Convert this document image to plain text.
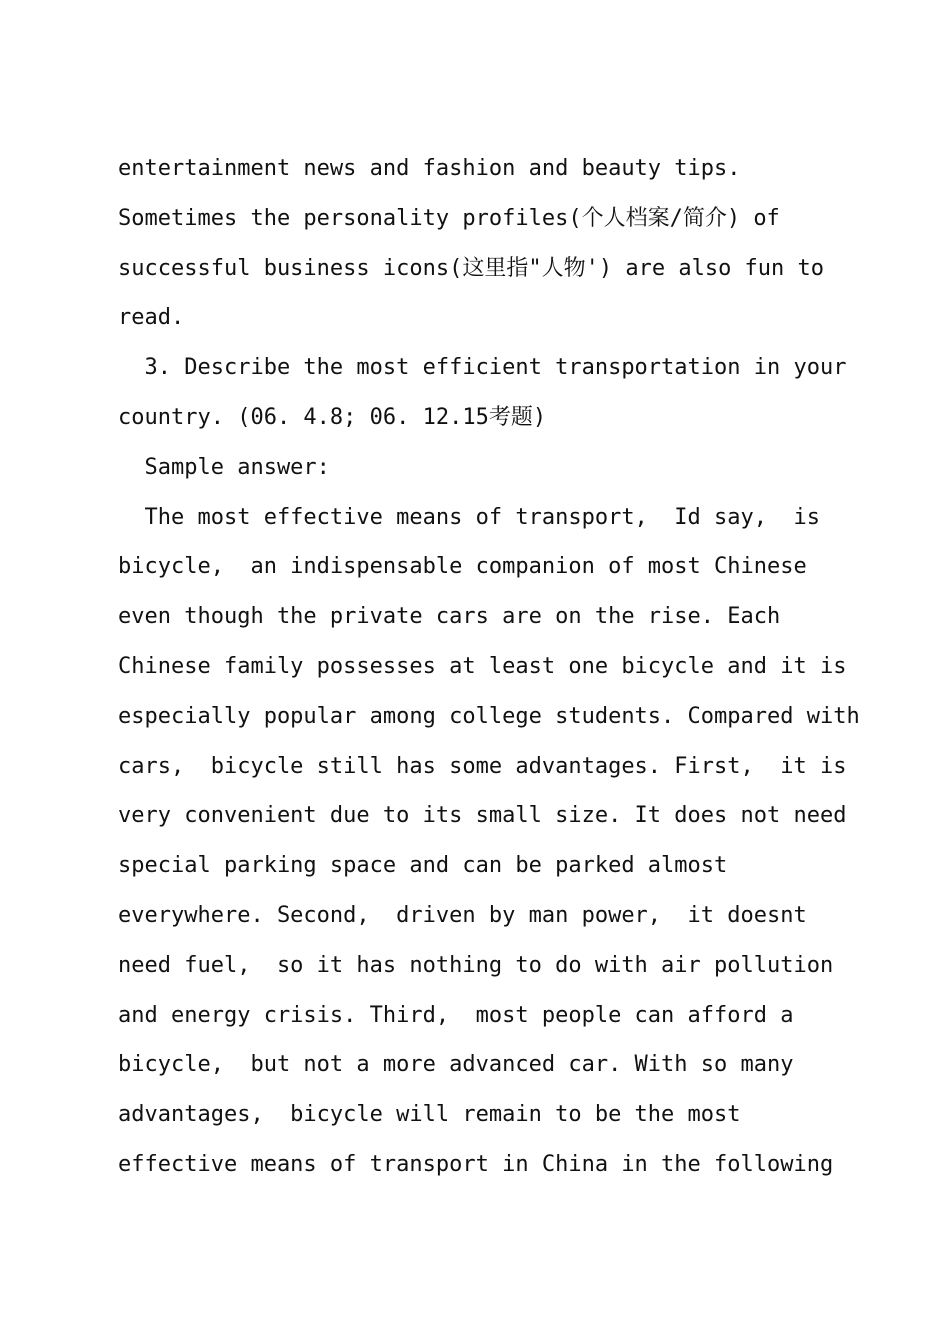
entertainment news and fashion and beauty tips.
Sometimes the personality profiles(个人档案/简介) of
successful business icons(这里指"人物') are also fun to
read.
3. Describe the most efficient transportation in your
country. (06. 4.8; 06. 12.15考题)
Sample answer:
The most effective means of transport,  Id say,  is
bicycle,  an indispensable companion of most Chinese
even though the private cars are on the rise. Each
Chinese family possesses at least one bicycle and it is
especially popular among college students. Compared with
cars,  bicycle still has some advantages. First,  it is
very convenient due to its small size. It does not need
special parking space and can be parked almost
everywhere. Second,  driven by man power,  it doesnt
need fuel,  so it has nothing to do with air pollution
and energy crisis. Third,  most people can afford a
bicycle,  but not a more advanced car. With so many
advantages,  bicycle will remain to be the most
effective means of transport in China in the following
